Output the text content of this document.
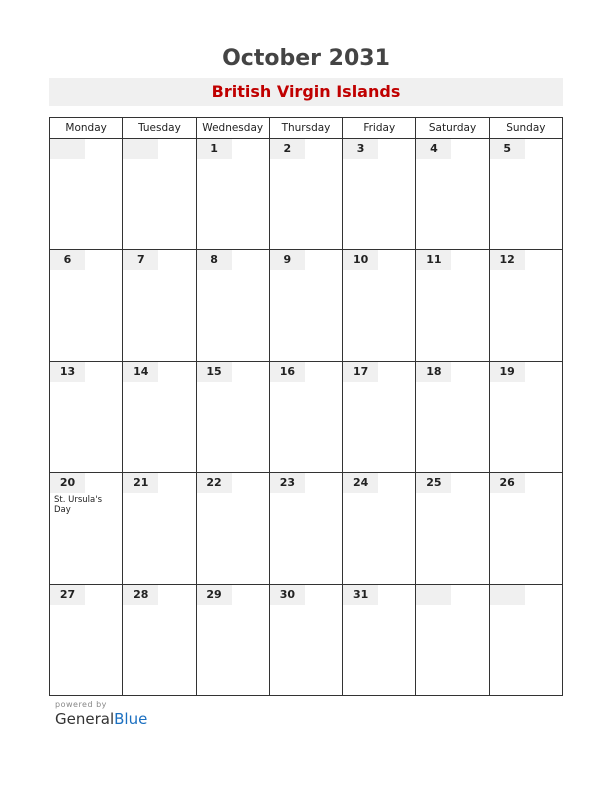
October 2031
British Virgin Islands
Monday	Tuesday	Wednesday	Thursday	Friday	Saturday	Sunday

		1	2	3	4	5

6	7	8	9	10	11	12

13	14	15	16	17	18	19

20
St. Ursula's Day	21	22	23	24	25	26

27	28	29	30	31		

powered by
GeneralBlue
